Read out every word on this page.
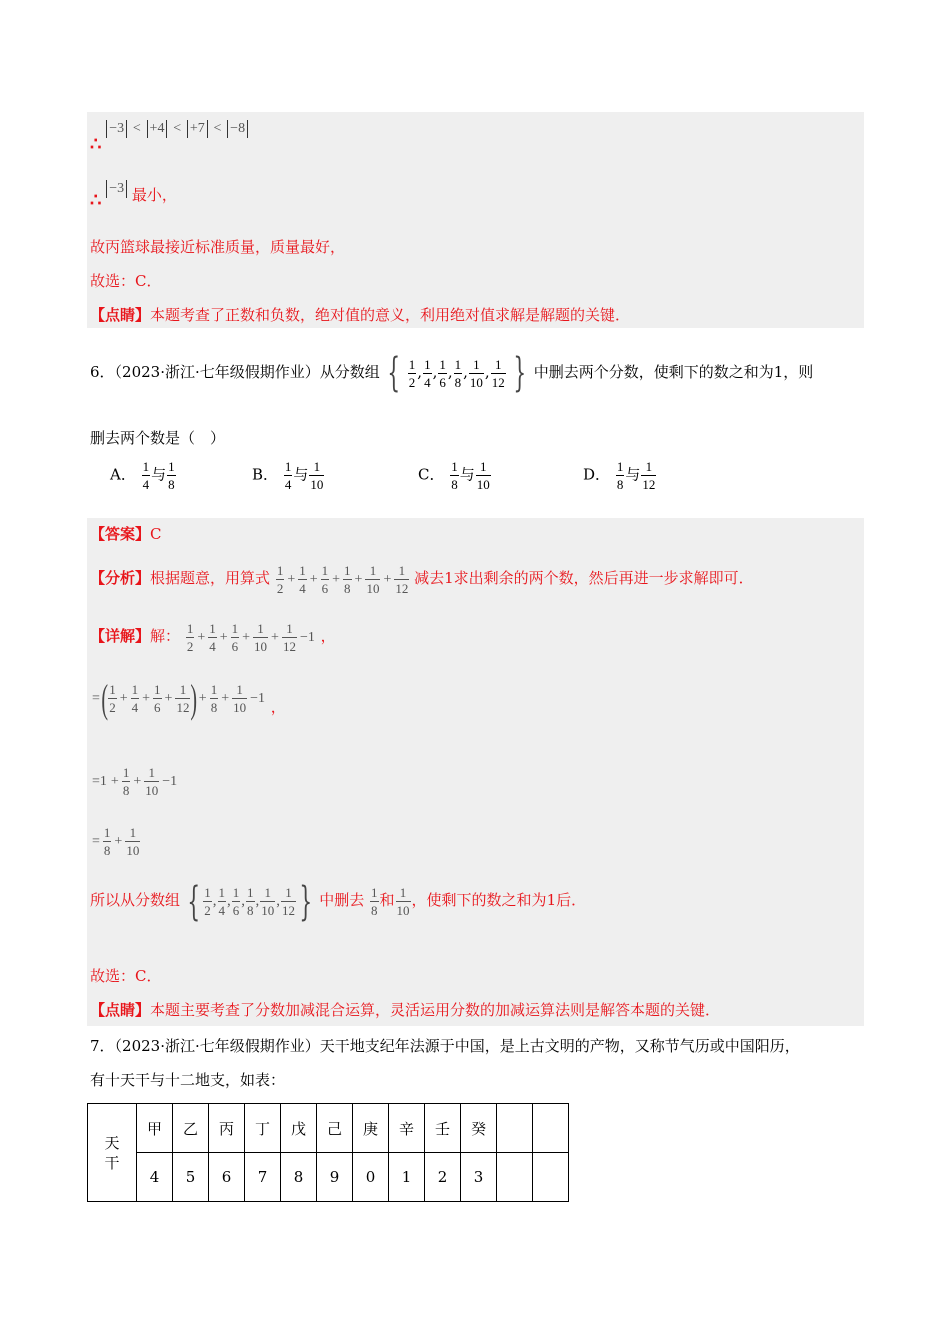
∴ −3 < +4 < +7 < −8
∴ −3 最小，
故丙篮球最接近标准质量，质量最好，
故选：C．
【点睛】本题考查了正数和负数，绝对值的意义，利用绝对值求解是解题的关键．
6．（2023·浙江·七年级假期作业）从分数组 { $\frac{1}{2}$ , $\frac{1}{4}$ , $\frac{1}{6}$ , $\frac{1}{8}$ , $\frac{1}{10}$ , $\frac{1}{12}$ } 中删去两个分数，使剩下的数之和为1，则
删去两个数是（　）
A． $\frac{1}{4}$ 与 $\frac{1}{8}$	B． $\frac{1}{4}$ 与 $\frac{1}{10}$	C． $\frac{1}{8}$ 与 $\frac{1}{10}$	D． $\frac{1}{8}$ 与 $\frac{1}{12}$
【答案】C
【分析】根据题意，用算式 $\frac{1}{2} + \frac{1}{4} + \frac{1}{6} + \frac{1}{8} + \frac{1}{10} + \frac{1}{12}$ 减去1求出剩余的两个数，然后再进一步求解即可．
【详解】解： $\frac{1}{2} + \frac{1}{4} + \frac{1}{6} + \frac{1}{10} + \frac{1}{12} -1$ ，
=( $\frac{1}{2} + \frac{1}{4} + \frac{1}{6} + \frac{1}{12}$ )+ $\frac{1}{8} + \frac{1}{10} -1$ ，
$=1 + \frac{1}{8} + \frac{1}{10} -1$
= $\frac{1}{8} + \frac{1}{10}$
所以从分数组 { $\frac{1}{2}$ , $\frac{1}{4}$ , $\frac{1}{6}$ , $\frac{1}{8}$ , $\frac{1}{10}$ , $\frac{1}{12}$ } 中删去 $\frac{1}{8}$ 和 $\frac{1}{10}$ ，使剩下的数之和为1后．
故选：C．
【点睛】本题主要考查了分数加减混合运算，灵活运用分数的加减运算法则是解答本题的关键．
7．（2023·浙江·七年级假期作业）天干地支纪年法源于中国，是上古文明的产物，又称节气历或中国阳历，
有十天干与十二地支，如表：
天干	甲	乙	丙	丁	戊	己	庚	辛	壬	癸		
	4	5	6	7	8	9	0	1	2	3		
